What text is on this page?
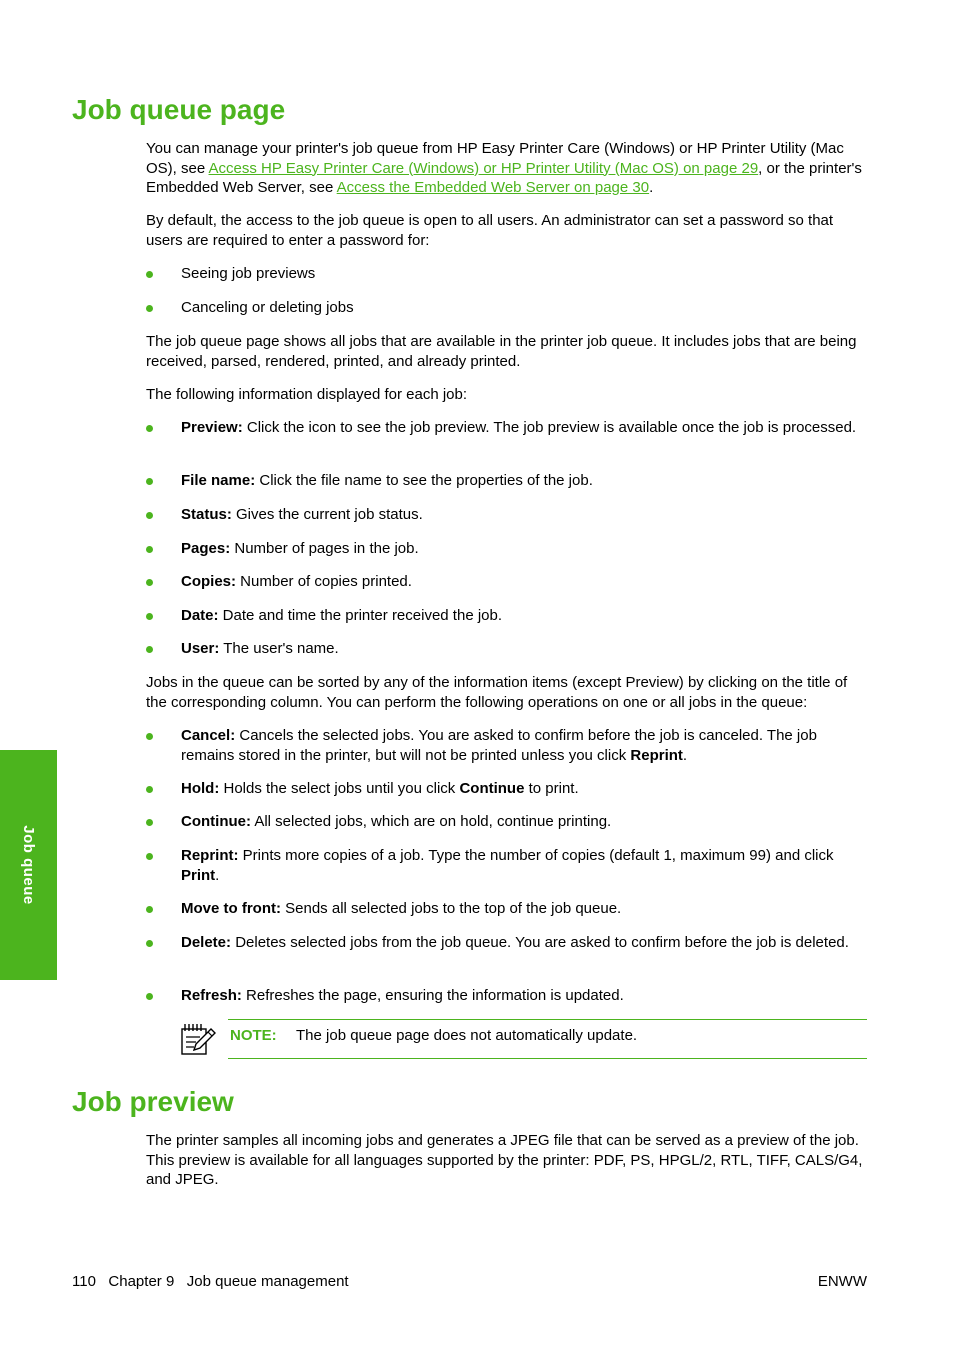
Job queue
Job queue page

You can manage your printer's job queue from HP Easy Printer Care (Windows) or HP Printer Utility (Mac OS), see Access HP Easy Printer Care (Windows) or HP Printer Utility (Mac OS) on page 29, or the printer's Embedded Web Server, see Access the Embedded Web Server on page 30.

By default, the access to the job queue is open to all users. An administrator can set a password so that users are required to enter a password for:

Seeing job previews
Canceling or deleting jobs

The job queue page shows all jobs that are available in the printer job queue. It includes jobs that are being received, parsed, rendered, printed, and already printed.

The following information displayed for each job:

Preview: Click the icon to see the job preview. The job preview is available once the job is processed.
File name: Click the file name to see the properties of the job.
Status: Gives the current job status.
Pages: Number of pages in the job.
Copies: Number of copies printed.
Date: Date and time the printer received the job.
User: The user's name.

Jobs in the queue can be sorted by any of the information items (except Preview) by clicking on the title of the corresponding column. You can perform the following operations on one or all jobs in the queue:

Cancel: Cancels the selected jobs. You are asked to confirm before the job is canceled. The job remains stored in the printer, but will not be printed unless you click Reprint.
Hold: Holds the select jobs until you click Continue to print.
Continue: All selected jobs, which are on hold, continue printing.
Reprint: Prints more copies of a job. Type the number of copies (default 1, maximum 99) and click Print.
Move to front: Sends all selected jobs to the top of the job queue.
Delete: Deletes selected jobs from the job queue. You are asked to confirm before the job is deleted.
Refresh: Refreshes the page, ensuring the information is updated.
NOTE: The job queue page does not automatically update.
Job preview

The printer samples all incoming jobs and generates a JPEG file that can be served as a preview of the job. This preview is available for all languages supported by the printer: PDF, PS, HPGL/2, RTL, TIFF, CALS/G4, and JPEG.

110   Chapter 9   Job queue management	ENWW
